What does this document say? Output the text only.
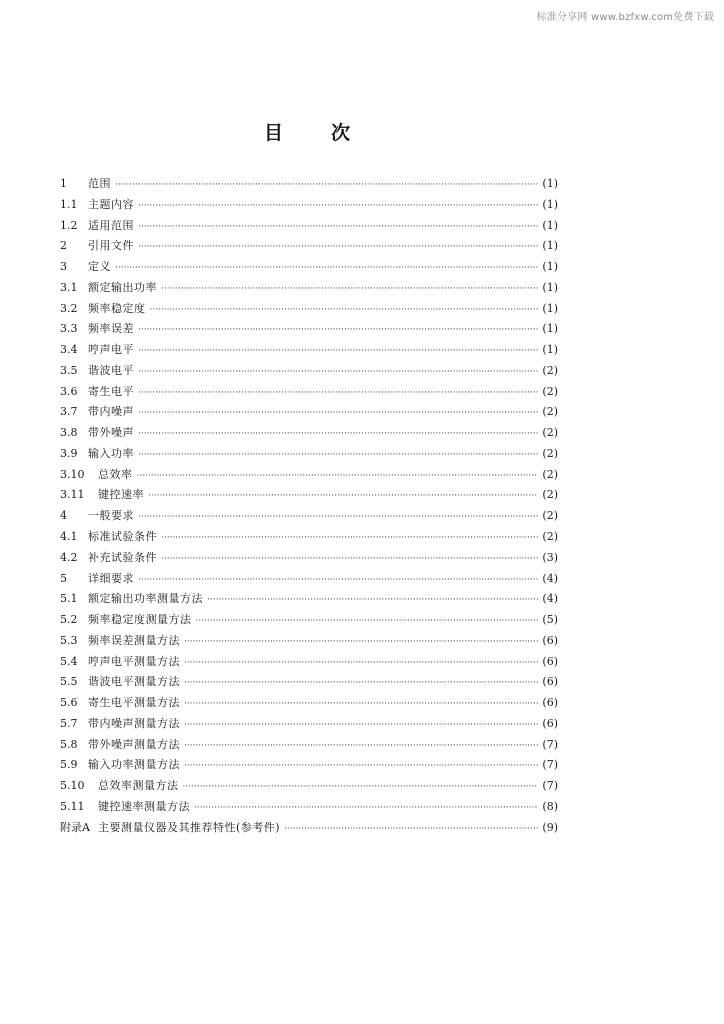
标准分享网 www.bzfxw.com免费下载
目	次
1	范围 ·····	(1)
1.1 主题内容 ·····	(1)
1.2 适用范围 ·····	(1)
2	引用文件 ·····	(1)
3	定义 ·····	(1)
3.1 额定输出功率 ·····	(1)
3.2 频率稳定度 ·····	(1)
3.3 频率误差 ·····	(1)
3.4 哼声电平 ·····	(1)
3.5 谐波电平 ·····	(2)
3.6 寄生电平 ·····	(2)
3.7 带内噪声 ·····	(2)
3.8 带外噪声 ·····	(2)
3.9 输入功率 ·····	(2)
3.10	总效率 ·····	(2)
3.11	键控速率 ·····	(2)
4	一般要求 ·····	(2)
4.1 标准试验条件 ·····	(2)
4.2 补充试验条件 ·····	(3)
5	详细要求 ·····	(4)
5.1 额定输出功率测量方法 ·····	(4)
5.2 频率稳定度测量方法 ·····	(5)
5.3 频率误差测量方法 ·····	(6)
5.4 哼声电平测量方法 ·····	(6)
5.5 谐波电平测量方法 ·····	(6)
5.6 寄生电平测量方法 ·····	(6)
5.7 带内噪声测量方法 ·····	(6)
5.8 带外噪声测量方法 ·····	(7)
5.9 输入功率测量方法 ·····	(7)
5.10	总效率测量方法 ·····	(7)
5.11	键控速率测量方法 ·····	(8)
附录A 主要测量仪器及其推荐特性(参考件) ·····	(9)
